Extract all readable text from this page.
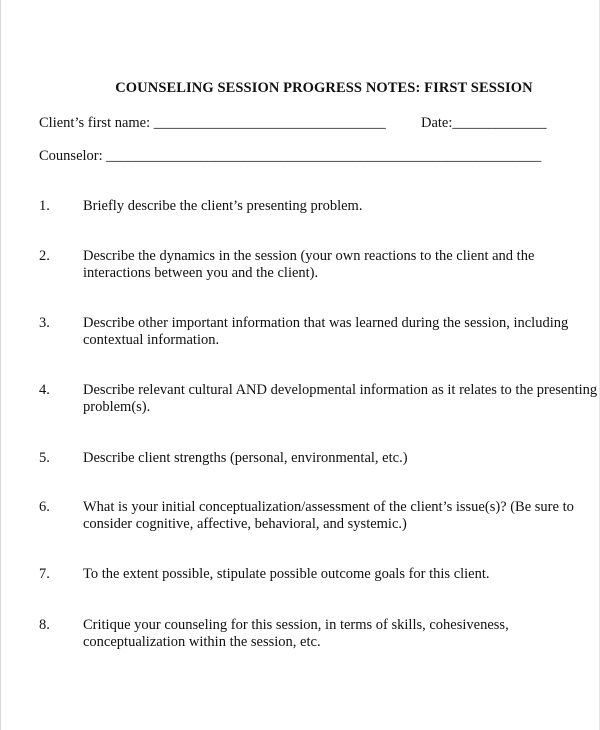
COUNSELING SESSION PROGRESS NOTES: FIRST SESSION
Client’s first name: ________________________________ Date:_____________
Counselor: ____________________________________________________________
1. Briefly describe the client’s presenting problem.
2. Describe the dynamics in the session (your own reactions to the client and the
interactions between you and the client).
3. Describe other important information that was learned during the session, including
contextual information.
4. Describe relevant cultural AND developmental information as it relates to the presenting
problem(s).
5. Describe client strengths (personal, environmental, etc.)
6. What is your initial conceptualization/assessment of the client’s issue(s)? (Be sure to
consider cognitive, affective, behavioral, and systemic.)
7. To the extent possible, stipulate possible outcome goals for this client.
8. Critique your counseling for this session, in terms of skills, cohesiveness,
conceptualization within the session, etc.
